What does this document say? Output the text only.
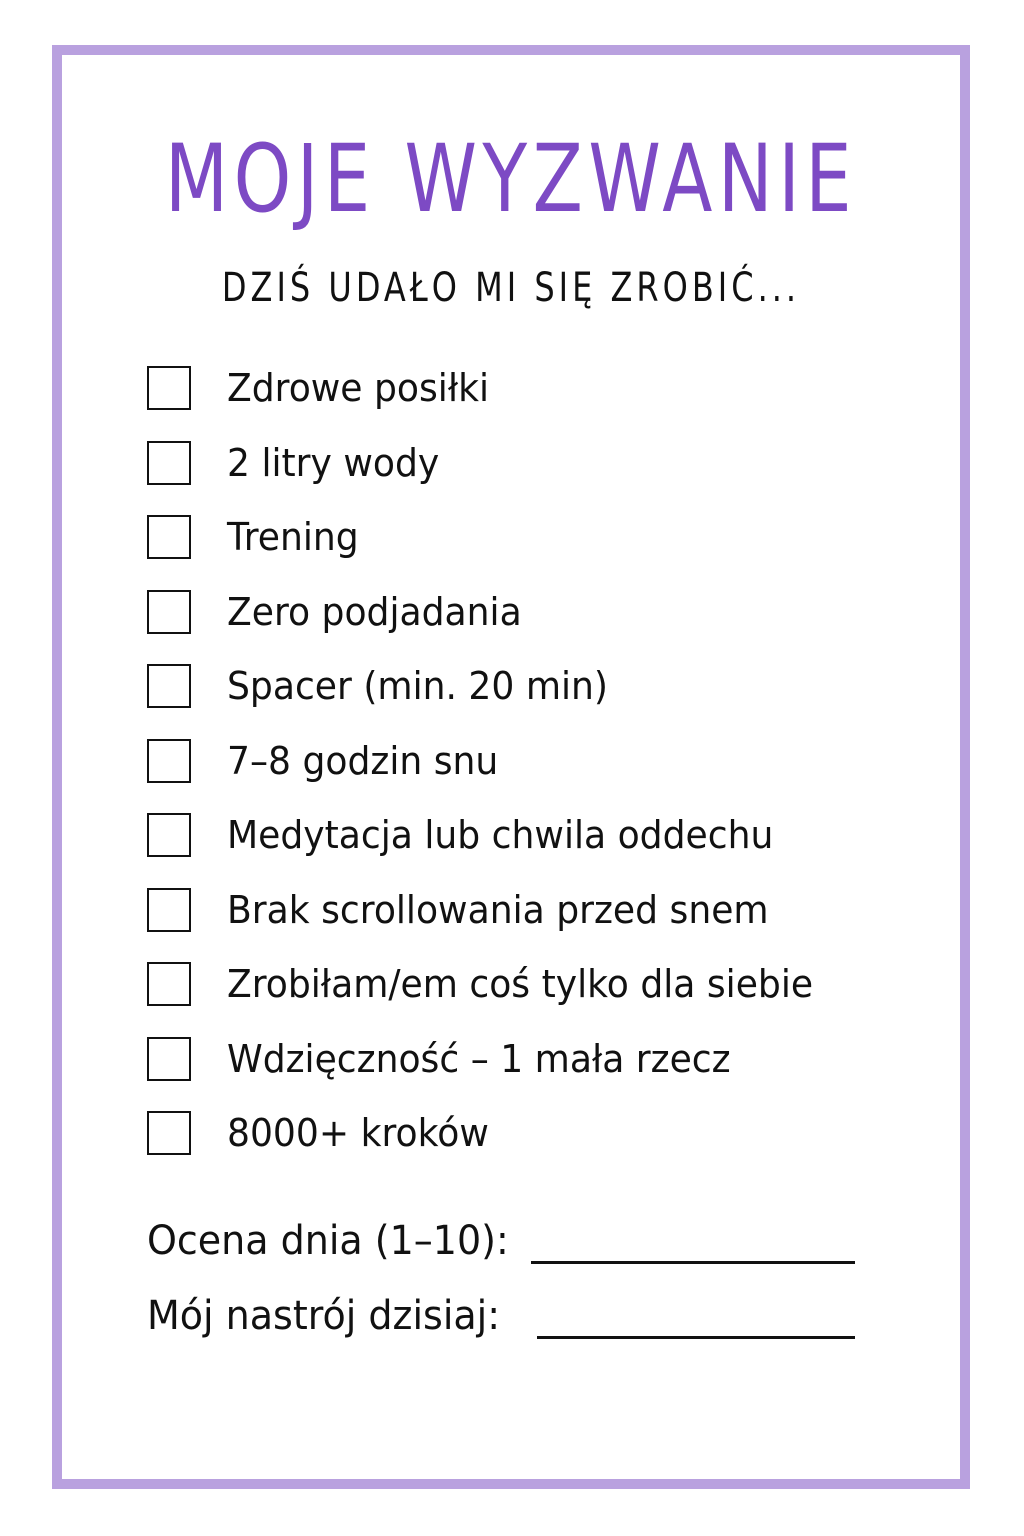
MOJE WYZWANIE
DZIŚ UDAŁO MI SIĘ ZROBIĆ...
Zdrowe posiłki
2 litry wody
Trening
Zero podjadania
Spacer (min. 20 min)
7–8 godzin snu
Medytacja lub chwila oddechu
Brak scrollowania przed snem
Zrobiłam/em coś tylko dla siebie
Wdzięczność – 1 mała rzecz
8000+ kroków
Ocena dnia (1–10):
Mój nastrój dzisiaj:
